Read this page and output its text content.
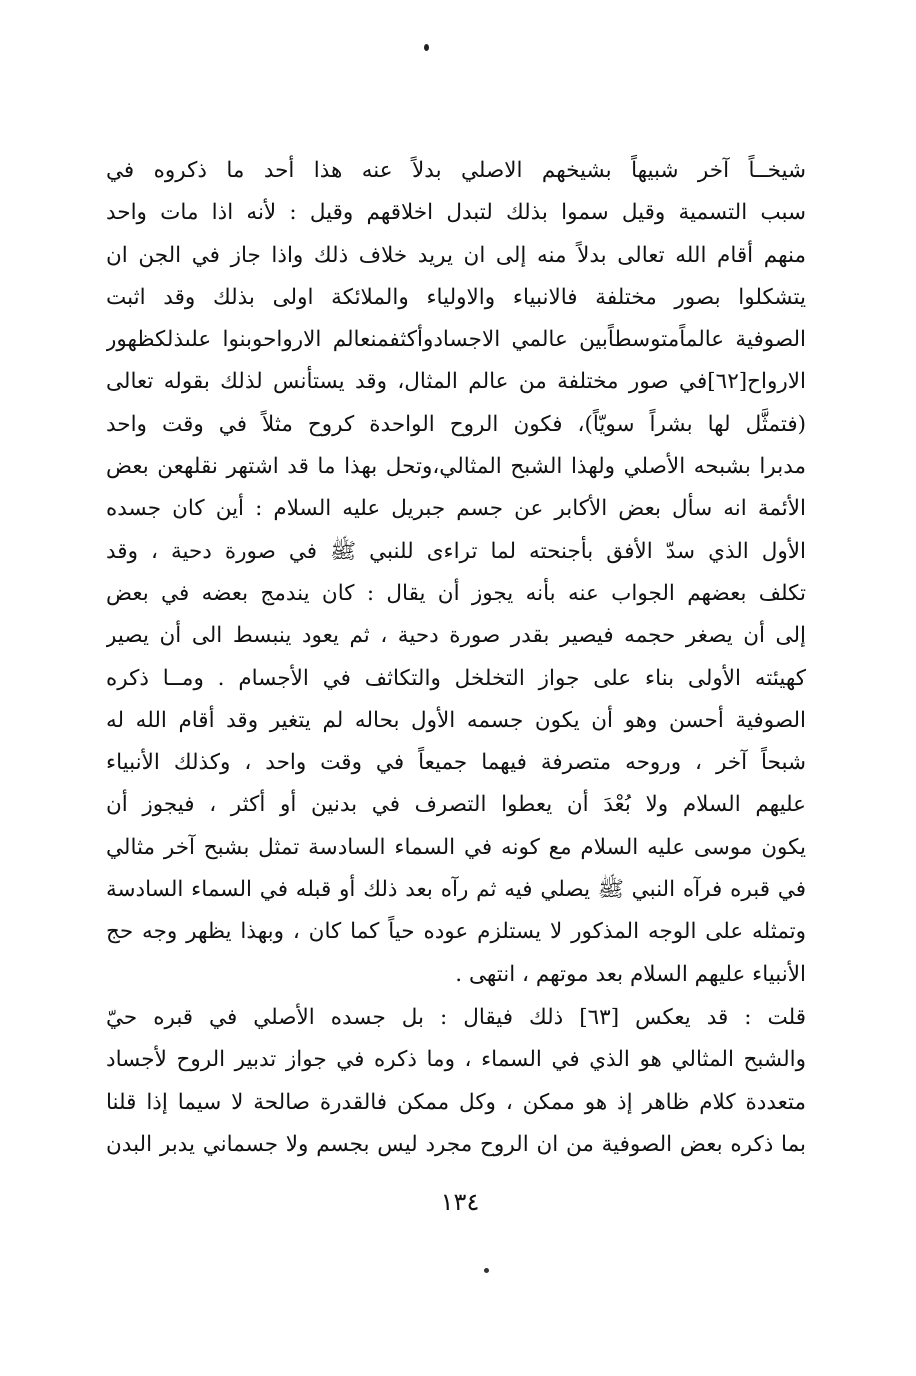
شيخــاً آخر شبيهاً بشيخهم الاصلي بدلاً عنه هذا أحد ما ذكروه في
سبب التسمية وقيل سموا بذلك لتبدل اخلاقهم وقيل : لأنه اذا مات واحد
منهم أقام الله تعالى بدلاً منه إلى ان يريد خلاف ذلك واذا جاز في الجن ان
يتشكلوا بصور مختلفة فالانبياء والاولياء والملائكة اولى بذلك وقد اثبت
الصوفية عالماًمتوسطاًبين عالمي الاجسادوأكثفمنعالم الارواحوبنوا علىذلكظهور
الارواح[٦٢]في صور مختلفة من عالم المثال، وقد يستأنس لذلك بقوله تعالى
(فتمثَّل لها بشراً سويّاً)، فكون الروح الواحدة كروح مثلاً في وقت واحد
مدبرا بشبحه الأصلي ولهذا الشبح المثالي،وتحل بهذا ما قد اشتهر نقلهعن بعض
الأئمة انه سأل بعض الأكابر عن جسم جبريل عليه السلام : أين كان جسده
الأول الذي سدّ الأفق بأجنحته لما تراءى للنبي ﷺ في صورة دحية ، وقد
تكلف بعضهم الجواب عنه بأنه يجوز أن يقال : كان يندمج بعضه في بعض
إلى أن يصغر حجمه فيصير بقدر صورة دحية ، ثم يعود ينبسط الى أن يصير
كهيئته الأولى بناء على جواز التخلخل والتكاثف في الأجسام . ومــا ذكره
الصوفية أحسن وهو أن يكون جسمه الأول بحاله لم يتغير وقد أقام الله له
شبحاً آخر ، وروحه متصرفة فيهما جميعاً في وقت واحد ، وكذلك الأنبياء
عليهم السلام ولا بُعْدَ أن يعطوا التصرف في بدنين أو أكثر ، فيجوز أن
يكون موسى عليه السلام مع كونه في السماء السادسة تمثل بشبح آخر مثالي
في قبره فرآه النبي ﷺ يصلي فيه ثم رآه بعد ذلك أو قبله في السماء السادسة
وتمثله على الوجه المذكور لا يستلزم عوده حياً كما كان ، وبهذا يظهر وجه حج
الأنبياء عليهم السلام بعد موتهم ، انتهى .
قلت : قد يعكس [٦٣] ذلك فيقال : بل جسده الأصلي في قبره حيّ
والشبح المثالي هو الذي في السماء ، وما ذكره في جواز تدبير الروح لأجساد
متعددة كلام ظاهر إذ هو ممكن ، وكل ممكن فالقدرة صالحة لا سيما إذا قلنا
بما ذكره بعض الصوفية من ان الروح مجرد ليس بجسم ولا جسماني يدبر البدن
١٣٤
